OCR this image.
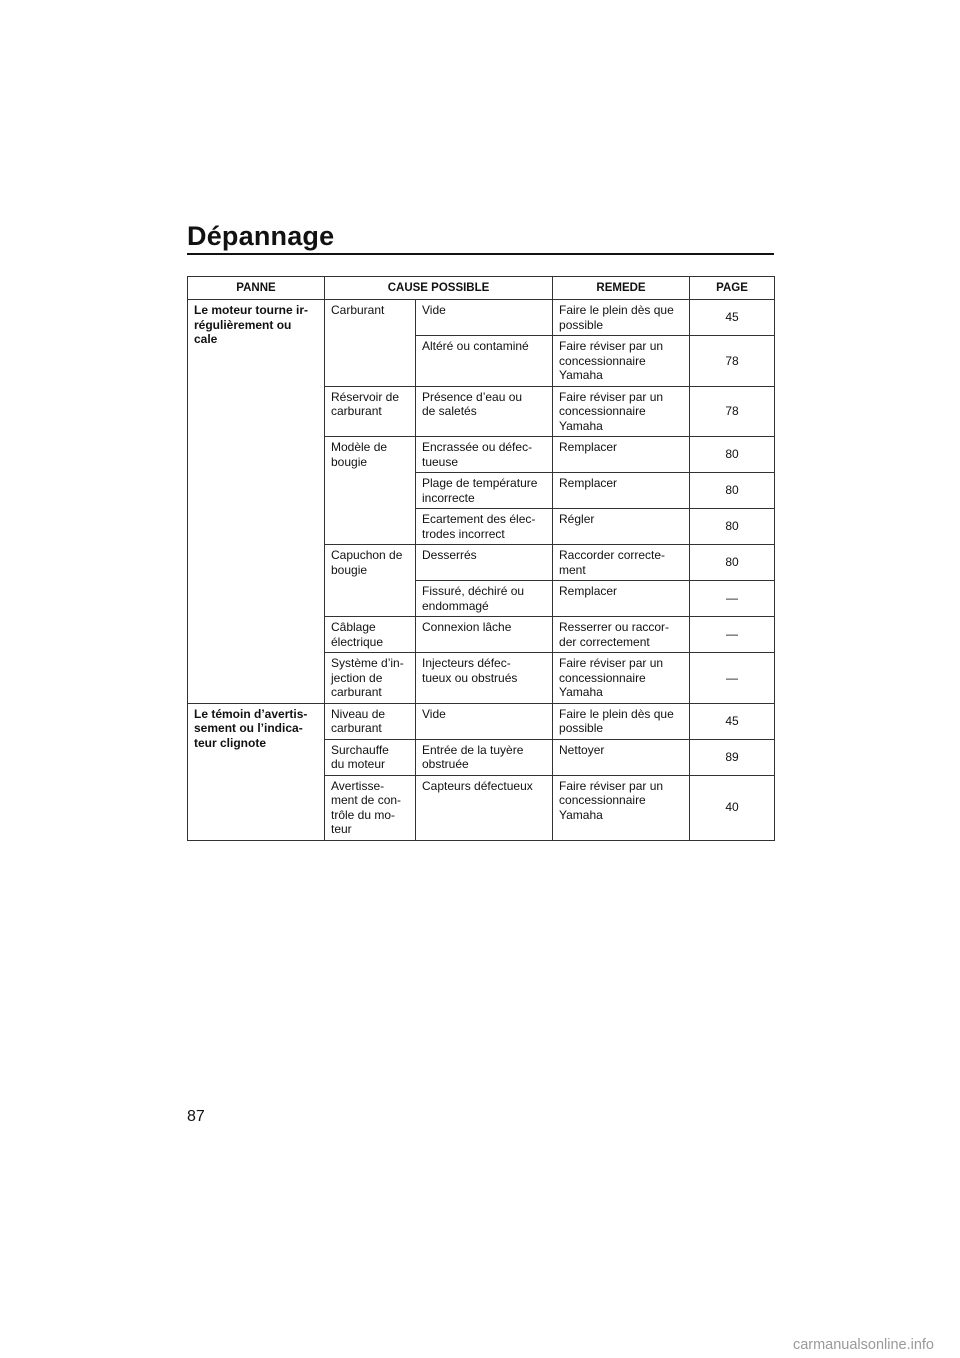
Dépannage
PANNE	CAUSE POSSIBLE		REMEDE	PAGE
Le moteur tourne ir-
régulièrement ou
cale	Carburant	Vide	Faire le plein dès que
possible	45
		Altéré ou contaminé	Faire réviser par un
concessionnaire
Yamaha	78
	Réservoir de
carburant	Présence d’eau ou
de saletés	Faire réviser par un
concessionnaire
Yamaha	78
	Modèle de
bougie	Encrassée ou défec-
tueuse	Remplacer	80
		Plage de température
incorrecte	Remplacer	80
		Ecartement des élec-
trodes incorrect	Régler	80
	Capuchon de
bougie	Desserrés	Raccorder correcte-
ment	80
		Fissuré, déchiré ou
endommagé	Remplacer	—
	Câblage
électrique	Connexion lâche	Resserrer ou raccor-
der correctement	—
	Système d’in-
jection de
carburant	Injecteurs défec-
tueux ou obstrués	Faire réviser par un
concessionnaire
Yamaha	—
Le témoin d’avertis-
sement ou l’indica-
teur clignote	Niveau de
carburant	Vide	Faire le plein dès que
possible	45
	Surchauffe
du moteur	Entrée de la tuyère
obstruée	Nettoyer	89
	Avertisse-
ment de con-
trôle du mo-
teur	Capteurs défectueux	Faire réviser par un
concessionnaire
Yamaha	40
87
carmanualsonline.info
